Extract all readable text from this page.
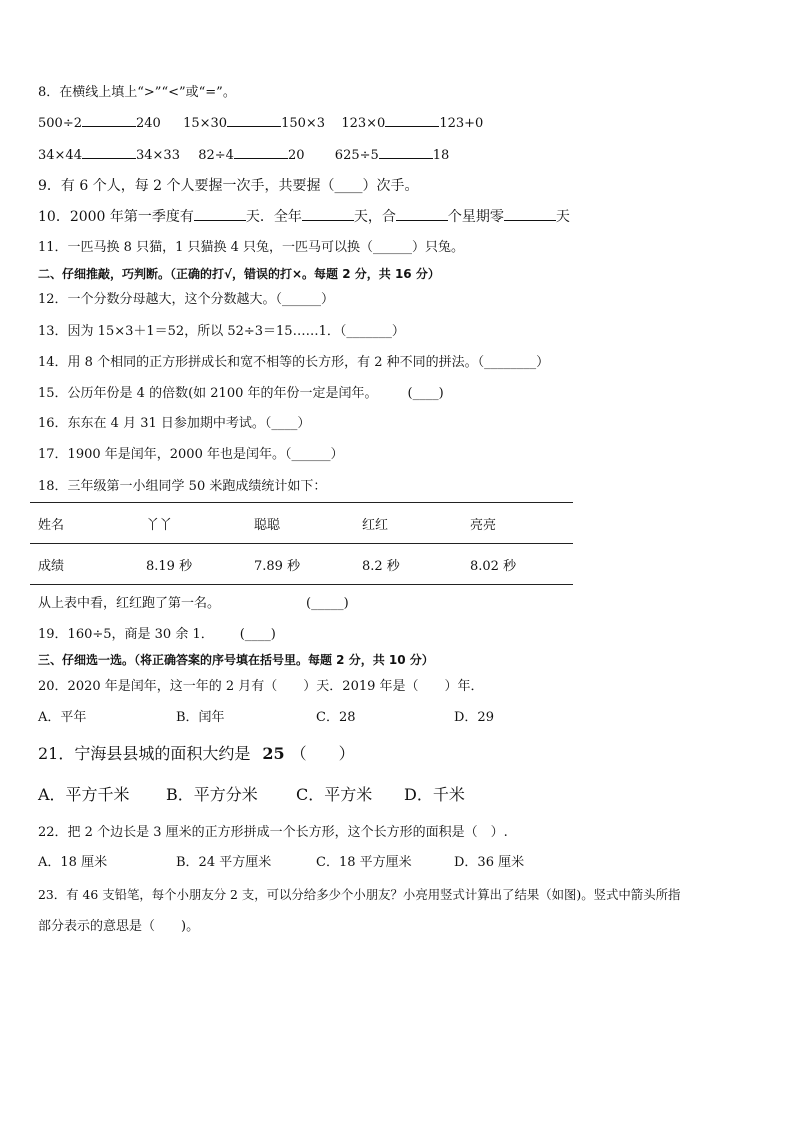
8．在横线上填上“>”“<”或“=”。
500÷2	240 15×30	150×3 123×0	123+0
34×44	34×33 82÷4	20 625÷5	18
9．有 6 个人，每 2 个人要握一次手，共要握（____）次手。
10．2000 年第一季度有	天．全年	天，合	个星期零	天
11．一匹马换 8 只猫，1 只猫换 4 只兔，一匹马可以换（______）只兔。
二、仔细推敲，巧判断。（正确的打√，错误的打×。每题 2 分，共 16 分）
12．一个分数分母越大，这个分数越大。（______）
13．因为 15×3＋1＝52，所以 52÷3＝15……1．（_______）
14．用 8 个相同的正方形拼成长和宽不相等的长方形，有 2 种不同的拼法。（________）
15．公历年份是 4 的倍数(如 2100 年的年份一定是闰年。 (____)
16．东东在 4 月 31 日参加期中考试。（____）
17．1900 年是闰年，2000 年也是闰年。（______）
18．三年级第一小组同学 50 米跑成绩统计如下：
姓名	丫丫	聪聪	红红	亮亮
成绩	8.19 秒	7.89 秒	8.2 秒	8.02 秒
从上表中看，红红跑了第一名。	(_____)
19．160÷5，商是 30 余 1． (____)
三、仔细选一选。（将正确答案的序号填在括号里。每题 2 分，共 10 分）
20．2020 年是闰年，这一年的 2 月有（　　）天．2019 年是（　　）年．
A．平年	B．闰年	C．28	D．29
21．宁海县县城的面积大约是 25 （　　）
A．平方千米 B．平方分米 C．平方米 D．千米
22．把 2 个边长是 3 厘米的正方形拼成一个长方形，这个长方形的面积是（　）.
A．18 厘米	B．24 平方厘米	C．18 平方厘米	D．36 厘米
23．有 46 支铅笔，每个小朋友分 2 支，可以分给多少个小朋友？小亮用竖式计算出了结果（如图)。竖式中箭头所指
部分表示的意思是（　　)。
